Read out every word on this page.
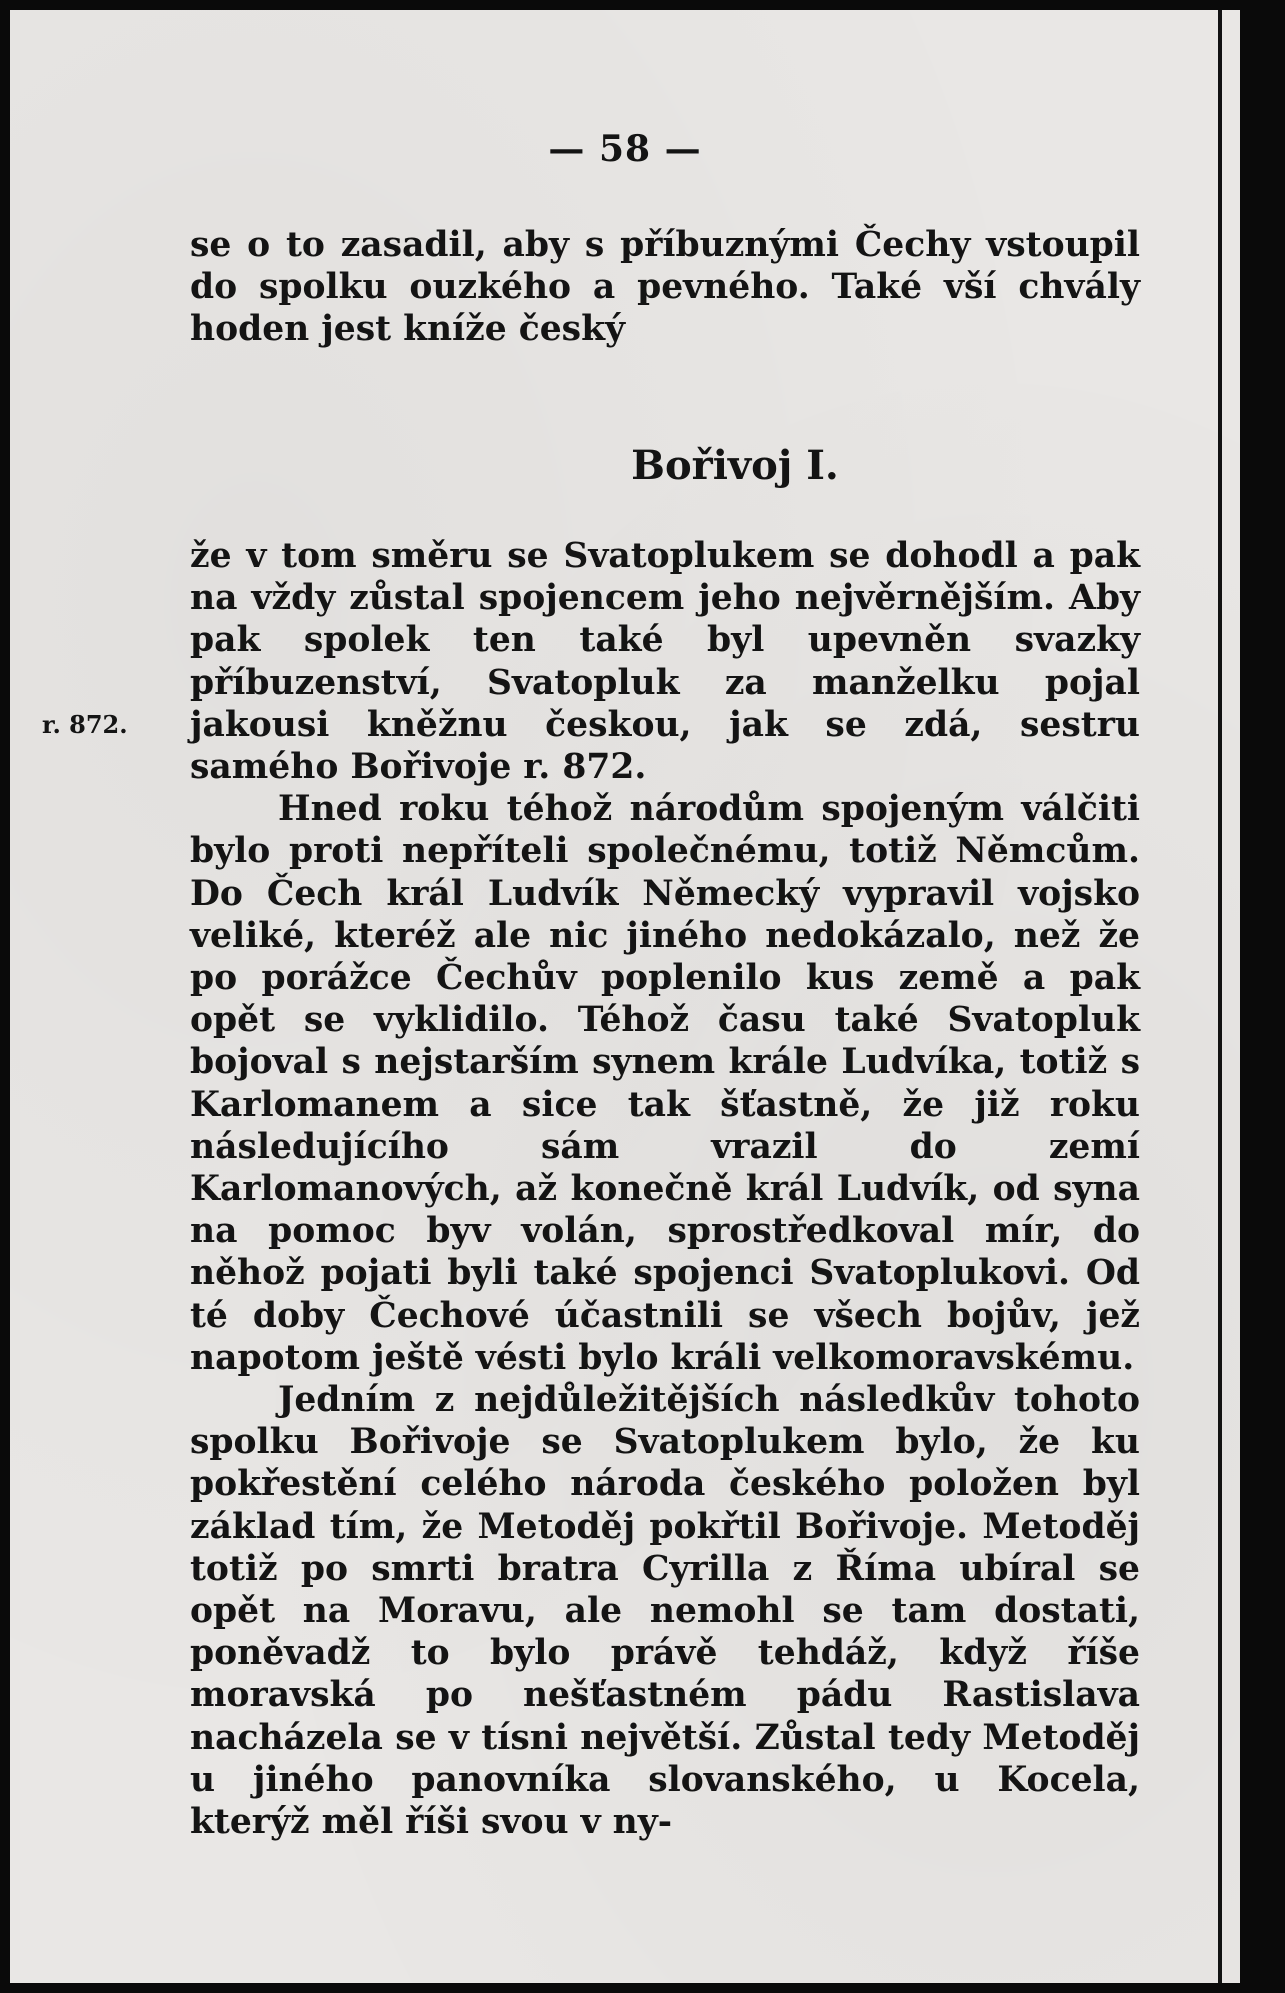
— 58 —

se o to zasadil, aby s příbuznými Čechy vstoupil

do spolku ouzkého a pevného. Také vší chvály

hoden jest kníže český

Bořivoj I.
r. 872.

že v tom směru se Svatoplukem se dohodl a pak na vždy zůstal spojencem jeho nejvěrnějším. Aby pak spolek ten také byl upevněn svazky příbuzenství, Svatopluk za manželku pojal jakousi kněžnu českou, jak se zdá, sestru samého Bořivoje r. 872.

Hned roku téhož národům spojeným válčiti bylo proti nepříteli společnému, totiž Němcům. Do Čech král Ludvík Německý vypravil vojsko veliké, kteréž ale nic jiného nedokázalo, než že po porážce Čechův poplenilo kus země a pak opět se vyklidilo. Téhož času také Svatopluk bojoval s nejstarším synem krále Ludvíka, totiž s Karlomanem a sice tak šťastně, že již roku následujícího sám vrazil do zemí Karlomanových, až konečně král Ludvík, od syna na pomoc byv volán, sprostředkoval mír, do něhož pojati byli také spojenci Svatoplukovi. Od té doby Čechové účastnili se všech bojův, jež napotom ještě vésti bylo králi velkomoravskému.

Jedním z nejdůležitějších následkův tohoto spolku Bořivoje se Svatoplukem bylo, že ku pokřestění celého národa českého položen byl základ tím, že Metoděj pokřtil Bořivoje. Metoděj totiž po smrti bratra Cyrilla z Říma ubíral se opět na Moravu, ale nemohl se tam dostati, poněvadž to bylo právě tehdáž, když říše moravská po nešťastném pádu Rastislava nacházela se v tísni největší. Zůstal tedy Metoděj u jiného panovníka slovanského, u Kocela, kterýž měl říši svou v ny-
